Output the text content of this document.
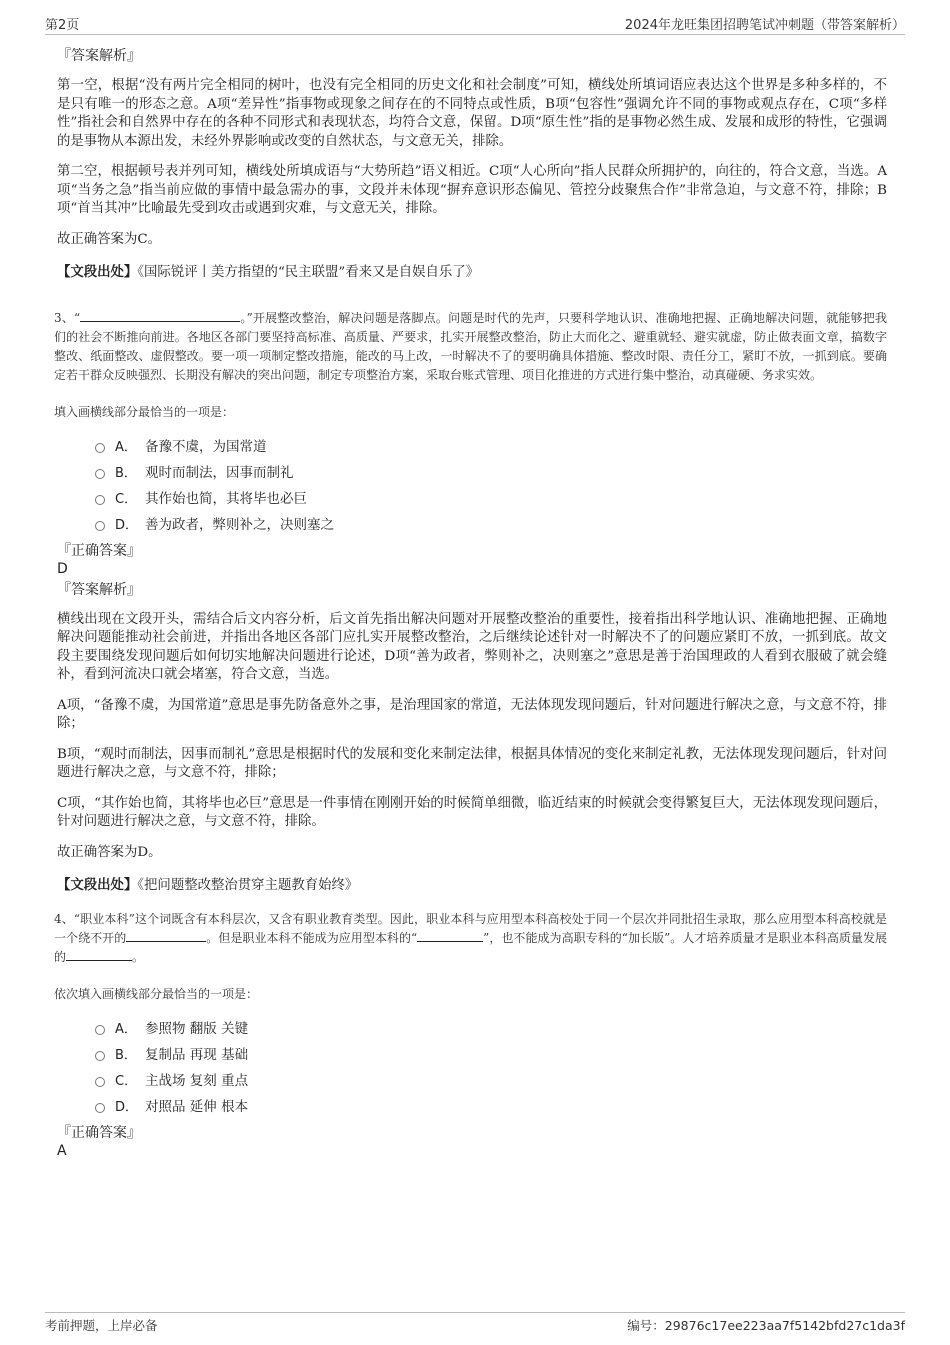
第2页	2024年龙旺集团招聘笔试冲刺题（带答案解析）

『答案解析』

第一空，根据“没有两片完全相同的树叶，也没有完全相同的历史文化和社会制度”可知，横线处所填词语应表达这个世界是多种多样的，不是只有唯一的形态之意。A项“差异性”指事物或现象之间存在的不同特点或性质，B项“包容性”强调允许不同的事物或观点存在，C项“多样性”指社会和自然界中存在的各种不同形式和表现状态，均符合文意，保留。D项“原生性”指的是事物必然生成、发展和成形的特性，它强调的是事物从本源出发，未经外界影响或改变的自然状态，与文意无关，排除。

第二空，根据顿号表并列可知，横线处所填成语与“大势所趋”语义相近。C项“人心所向”指人民群众所拥护的，向往的，符合文意，当选。A项“当务之急”指当前应做的事情中最急需办的事，文段并未体现“摒弃意识形态偏见、管控分歧聚焦合作”非常急迫，与文意不符，排除；B项“首当其冲”比喻最先受到攻击或遇到灾难，与文意无关，排除。

故正确答案为C。

【文段出处】《国际锐评丨美方指望的“民主联盟”看来又是自娱自乐了》

3、“	。”开展整改整治，解决问题是落脚点。问题是时代的先声，只要科学地认识、准确地把握、正确地解决问题，就能够把我们的社会不断推向前进。各地区各部门要坚持高标准、高质量、严要求，扎实开展整改整治，防止大而化之、避重就轻、避实就虚，防止做表面文章，搞数字整改、纸面整改、虚假整改。要一项一项制定整改措施，能改的马上改，一时解决不了的要明确具体措施、整改时限、责任分工，紧盯不放，一抓到底。要确定若干群众反映强烈、长期没有解决的突出问题，制定专项整治方案，采取台账式管理、项目化推进的方式进行集中整治，动真碰硬、务求实效。

填入画横线部分最恰当的一项是：

A． 备豫不虞，为国常道
B． 观时而制法，因事而制礼
C． 其作始也简，其将毕也必巨
D． 善为政者，弊则补之，决则塞之

『正确答案』

D

『答案解析』

横线出现在文段开头，需结合后文内容分析，后文首先指出解决问题对开展整改整治的重要性，接着指出科学地认识、准确地把握、正确地解决问题能推动社会前进，并指出各地区各部门应扎实开展整改整治，之后继续论述针对一时解决不了的问题应紧盯不放，一抓到底。故文段主要围绕发现问题后如何切实地解决问题进行论述，D项“善为政者，弊则补之，决则塞之”意思是善于治国理政的人看到衣服破了就会缝补，看到河流决口就会堵塞，符合文意，当选。

A项，“备豫不虞，为国常道”意思是事先防备意外之事，是治理国家的常道，无法体现发现问题后，针对问题进行解决之意，与文意不符，排除；

B项，“观时而制法，因事而制礼”意思是根据时代的发展和变化来制定法律，根据具体情况的变化来制定礼教，无法体现发现问题后，针对问题进行解决之意，与文意不符，排除；

C项，“其作始也简，其将毕也必巨”意思是一件事情在刚刚开始的时候简单细微，临近结束的时候就会变得繁复巨大，无法体现发现问题后，针对问题进行解决之意，与文意不符，排除。

故正确答案为D。

【文段出处】《把问题整改整治贯穿主题教育始终》

4、“职业本科”这个词既含有本科层次，又含有职业教育类型。因此，职业本科与应用型本科高校处于同一个层次并同批招生录取，那么应用型本科高校就是一个绕不开的	。但是职业本科不能成为应用型本科的“	”，也不能成为高职专科的“加长版”。人才培养质量才是职业本科高质量发展的	。

依次填入画横线部分最恰当的一项是：

A． 参照物 翻版 关键
B． 复制品 再现 基础
C． 主战场 复刻 重点
D． 对照品 延伸 根本

『正确答案』

A

考前押题，上岸必备	编号：29876c17ee223aa7f5142bfd27c1da3f
